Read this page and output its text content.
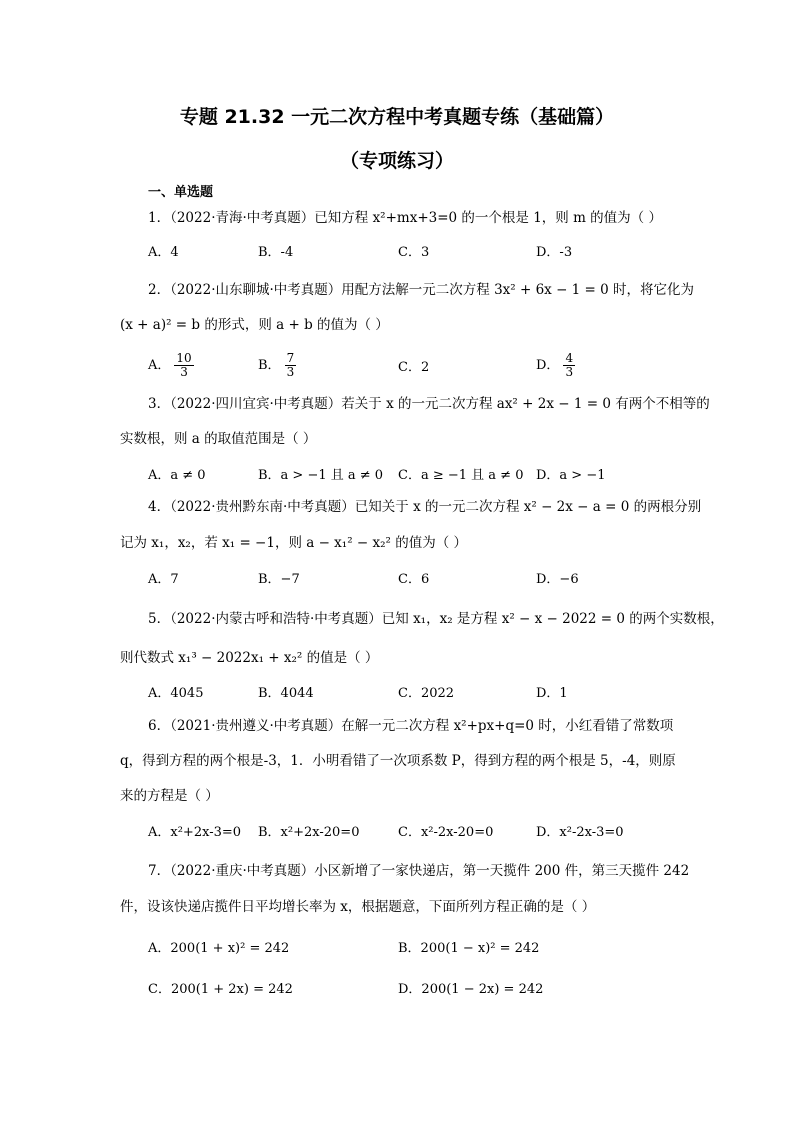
专题 21.32 一元二次方程中考真题专练（基础篇）
（专项练习）
一、单选题
1．（2022·青海·中考真题）已知方程 x²+mx+3=0 的一个根是 1，则 m 的值为（ ）
A．4	B．-4	C．3	D．-3
2．（2022·山东聊城·中考真题）用配方法解一元二次方程 3x² + 6x − 1 = 0 时，将它化为
(x + a)² = b 的形式，则 a + b 的值为（ ）
A． $\frac{10}{3}$	B． $\frac{7}{3}$	C．2	D． $\frac{4}{3}$
3．（2022·四川宜宾·中考真题）若关于 x 的一元二次方程 ax² + 2x − 1 = 0 有两个不相等的
实数根，则 a 的取值范围是（ ）
A．a ≠ 0	B．a > −1 且 a ≠ 0 C．a ≥ −1 且 a ≠ 0 D．a > −1
4．（2022·贵州黔东南·中考真题）已知关于 x 的一元二次方程 x² − 2x − a = 0 的两根分别
记为 x₁，x₂，若 x₁ = −1，则 a − x₁² − x₂² 的值为（ ）
A．7	B．−7	C．6	D．−6
5．（2022·内蒙古呼和浩特·中考真题）已知 x₁，x₂ 是方程 x² − x − 2022 = 0 的两个实数根，
则代数式 x₁³ − 2022x₁ + x₂² 的值是（ ）
A．4045	B．4044	C．2022	D．1
6．（2021·贵州遵义·中考真题）在解一元二次方程 x²+px+q=0 时，小红看错了常数项
q，得到方程的两个根是-3，1．小明看错了一次项系数 P，得到方程的两个根是 5，-4，则原
来的方程是（ ）
A．x²+2x-3=0 B．x²+2x-20=0	C．x²-2x-20=0	D．x²-2x-3=0
7．（2022·重庆·中考真题）小区新增了一家快递店，第一天揽件 200 件，第三天揽件 242
件，设该快递店揽件日平均增长率为 x，根据题意，下面所列方程正确的是（ ）
A．200(1 + x)² = 242	B．200(1 − x)² = 242
C．200(1 + 2x) = 242	D．200(1 − 2x) = 242
